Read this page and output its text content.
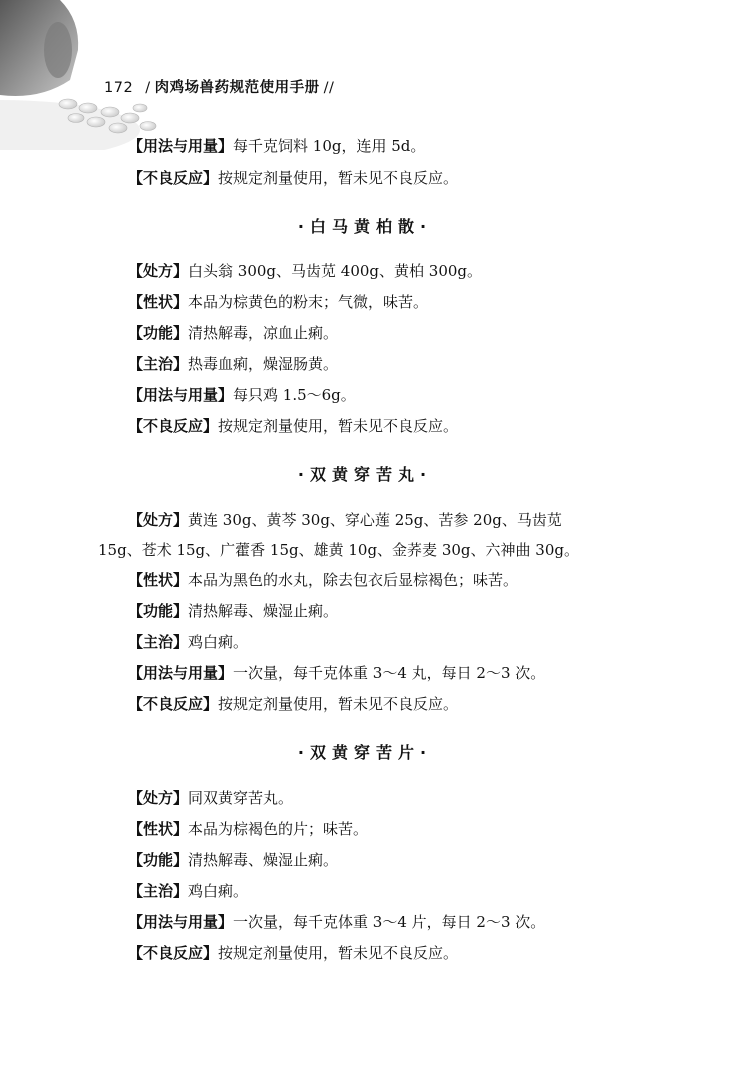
172 / 肉鸡场兽药规范使用手册 //
【用法与用量】每千克饲料 10g，连用 5d。
【不良反应】按规定剂量使用，暂未见不良反应。
·白马黄柏散·
【处方】白头翁 300g、马齿苋 400g、黄柏 300g。
【性状】本品为棕黄色的粉末；气微，味苦。
【功能】清热解毒，凉血止痢。
【主治】热毒血痢，燥湿肠黄。
【用法与用量】每只鸡 1.5～6g。
【不良反应】按规定剂量使用，暂未见不良反应。
·双黄穿苦丸·
【处方】黄连 30g、黄芩 30g、穿心莲 25g、苦参 20g、马齿苋
15g、苍术 15g、广藿香 15g、雄黄 10g、金荞麦 30g、六神曲 30g。
【性状】本品为黑色的水丸，除去包衣后显棕褐色；味苦。
【功能】清热解毒、燥湿止痢。
【主治】鸡白痢。
【用法与用量】一次量，每千克体重 3～4 丸，每日 2～3 次。
【不良反应】按规定剂量使用，暂未见不良反应。
·双黄穿苦片·
【处方】同双黄穿苦丸。
【性状】本品为棕褐色的片；味苦。
【功能】清热解毒、燥湿止痢。
【主治】鸡白痢。
【用法与用量】一次量，每千克体重 3～4 片，每日 2～3 次。
【不良反应】按规定剂量使用，暂未见不良反应。
